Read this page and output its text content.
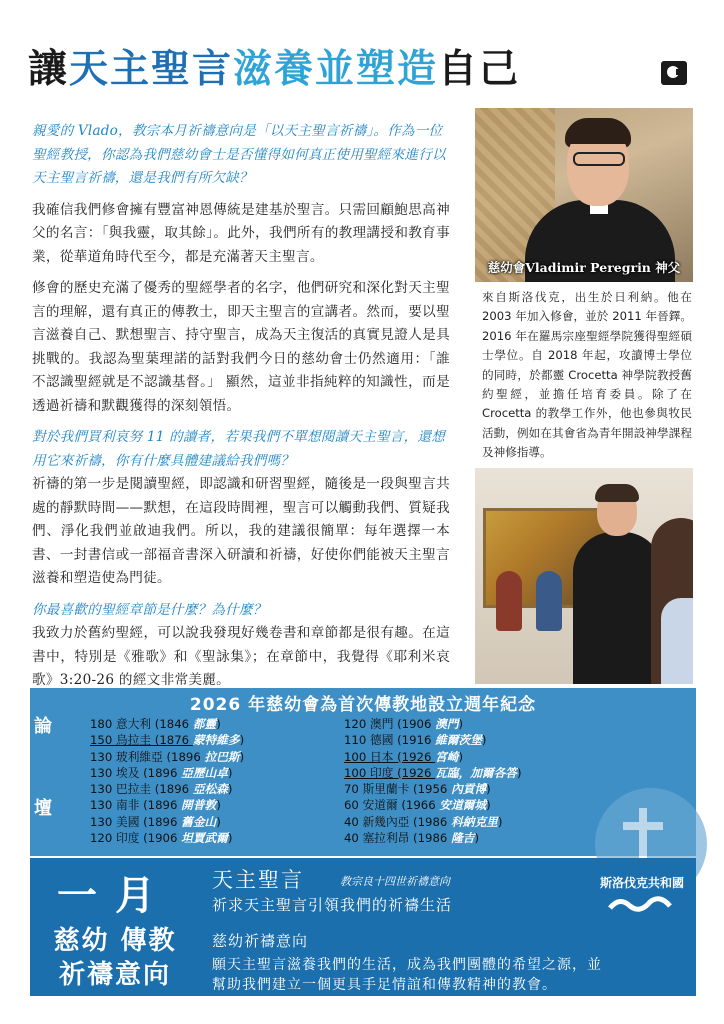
讓天主聖言滋養並塑造自己
親愛的 Vlado，教宗本月祈禱意向是「以天主聖言祈禱」。作為一位聖經教授，你認為我們慈幼會士是否懂得如何真正使用聖經來進行以天主聖言祈禱，還是我們有所欠缺？
我確信我們修會擁有豐富神恩傳統是建基於聖言。只需回顧鮑思高神父的名言：「與我靈，取其餘」。此外，我們所有的教理講授和教育事業，從華道角時代至今，都是充滿著天主聖言。
修會的歷史充滿了優秀的聖經學者的名字，他們研究和深化對天主聖言的理解，還有真正的傳教士，即天主聖言的宣講者。然而，要以聖言滋養自己、默想聖言、持守聖言，成為天主復活的真實見證人是具挑戰的。我認為聖葉理諾的話對我們今日的慈幼會士仍然適用：「誰不認識聖經就是不認識基督。」 顯然，這並非指純粹的知識性，而是透過祈禱和默觀獲得的深刻領悟。
對於我們買利哀努 11 的讀者，若果我們不單想閱讀天主聖言，還想用它來祈禱，你有什麼具體建議給我們嗎？
祈禱的第一步是閱讀聖經，即認識和研習聖經，隨後是一段與聖言共處的靜默時間——默想，在這段時間裡，聖言可以觸動我們、質疑我們、淨化我們並啟迪我們。所以，我的建議很簡單：每年選擇一本書、一封書信或一部福音書深入研讀和祈禱，好使你們能被天主聖言滋養和塑造使為門徒。
你最喜歡的聖經章節是什麼？為什麼？
我致力於舊約聖經，可以說我發現好幾卷書和章節都是很有趣。在這書中，特別是《雅歌》和《聖詠集》；在章節中，我覺得《耶利米哀歌》3:20-26 的經文非常美麗。
慈幼會Vladimir Peregrin 神父
來自斯洛伐克，出生於日利納。他在 2003 年加入修會，並於 2011 年晉鐸。2016 年在羅馬宗座聖經學院獲得聖經碩士學位。自 2018 年起，攻讀博士學位的同時，於都靈 Crocetta 神學院教授舊約聖經，並擔任培育委員。除了在 Crocetta 的教學工作外，他也參與牧民活動，例如在其會省為青年開設神學課程及神修指導。
2026 年慈幼會為首次傳教地設立週年紀念
論
壇
180 意大利 (1846 都靈)
150 烏拉圭 (1876 蒙特維多)
130 玻利維亞 (1896 拉巴斯)
130 埃及 (1896 亞歷山卓)
130 巴拉圭 (1896 亞松森)
130 南非 (1896 開普敦)
130 美國 (1896 舊金山)
120 印度 (1906 坦賈武爾)
120 澳門 (1906 澳門)
110 德國 (1916 維爾茨堡)
100 日本 (1926 宮崎)
100 印度 (1926 瓦臨，加爾各答)
70 斯里蘭卡 (1956 內貢博)
60 安道爾 (1966 安道爾城)
40 新幾內亞 (1986 科納克里)
40 塞拉利昂 (1986 隆吉)
一月
慈幼 傳教
祈禱意向
天主聖言	教宗良十四世祈禱意向
祈求天主聖言引領我們的祈禱生活
慈幼祈禱意向
願天主聖言滋養我們的生活，成為我們團體的希望之源，並
幫助我們建立一個更具手足情誼和傳教精神的教會。
斯洛伐克共和國
